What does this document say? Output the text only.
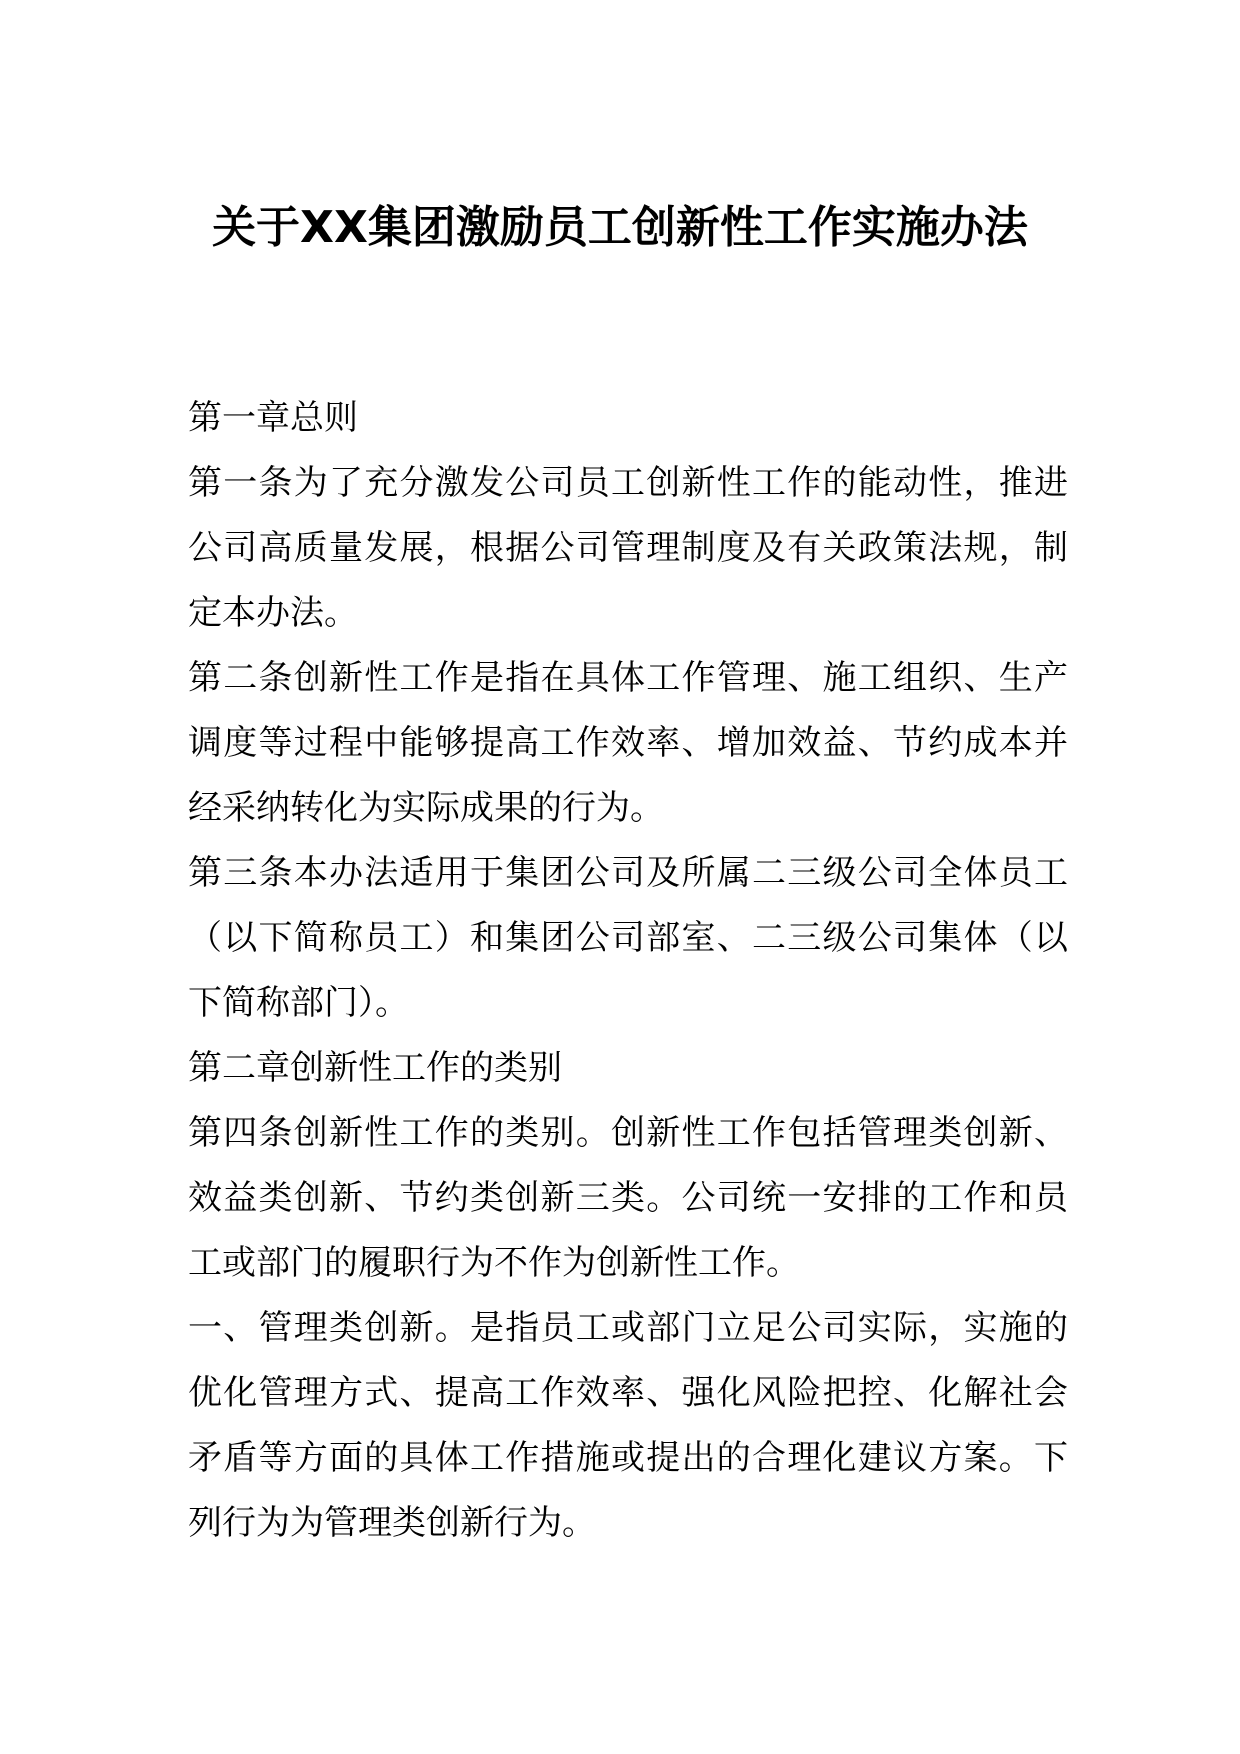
关于XX集团激励员工创新性工作实施办法

第一章总则

第一条为了充分激发公司员工创新性工作的能动性，推进公司高质量发展，根据公司管理制度及有关政策法规，制定本办法。

第二条创新性工作是指在具体工作管理、施工组织、生产调度等过程中能够提高工作效率、增加效益、节约成本并经采纳转化为实际成果的行为。

第三条本办法适用于集团公司及所属二三级公司全体员工（以下简称员工）和集团公司部室、二三级公司集体（以下简称部门）。

第二章创新性工作的类别

第四条创新性工作的类别。创新性工作包括管理类创新、效益类创新、节约类创新三类。公司统一安排的工作和员工或部门的履职行为不作为创新性工作。

一、管理类创新。是指员工或部门立足公司实际，实施的优化管理方式、提高工作效率、强化风险把控、化解社会矛盾等方面的具体工作措施或提出的合理化建议方案。下列行为为管理类创新行为。
